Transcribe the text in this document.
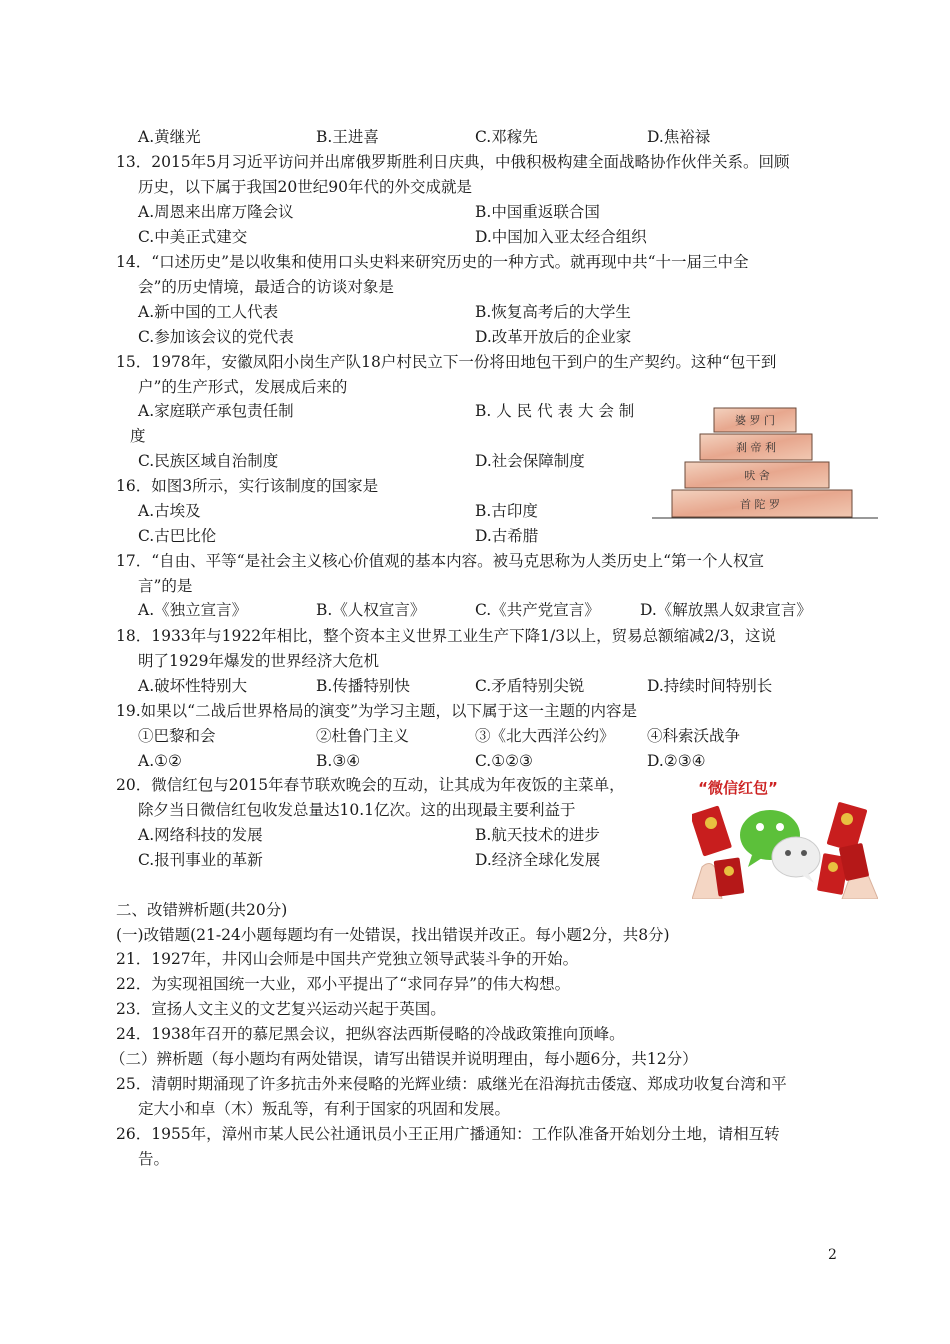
A.黄继光	B.王进喜	C.邓稼先	D.焦裕禄
13．2015年5月习近平访问并出席俄罗斯胜利日庆典，中俄积极构建全面战略协作伙伴关系。回顾
历史，以下属于我国20世纪90年代的外交成就是
A.周恩来出席万隆会议	B.中国重返联合国
C.中美正式建交	D.中国加入亚太经合组织
14．“口述历史”是以收集和使用口头史料来研究历史的一种方式。就再现中共“十一届三中全
会”的历史情境，最适合的访谈对象是
A.新中国的工人代表	B.恢复高考后的大学生
C.参加该会议的党代表	D.改革开放后的企业家
15．1978年，安徽凤阳小岗生产队18户村民立下一份将田地包干到户的生产契约。这种“包干到
户”的生产形式，发展成后来的
A.家庭联产承包责任制	B. 人 民 代 表 大 会 制
度
C.民族区域自治制度	D.社会保障制度
婆 罗 门
刹 帝 利
吠 舍
首 陀 罗
16．如图3所示，实行该制度的国家是
A.古埃及	B.古印度
C.古巴比伦	D.古希腊
17．“自由、平等“是社会主义核心价值观的基本内容。被马克思称为人类历史上“第一个人权宣
言”的是
A.《独立宣言》	B.《人权宣言》	C.《共产党宣言》	D.《解放黑人奴隶宣言》
18．1933年与1922年相比，整个资本主义世界工业生产下降1/3以上，贸易总额缩减2/3，这说
明了1929年爆发的世界经济大危机
A.破坏性特别大	B.传播特别快	C.矛盾特别尖锐	D.持续时间特别长
19.如果以“二战后世界格局的演变”为学习主题，以下属于这一主题的内容是
①巴黎和会	②杜鲁门主义	③《北大西洋公约》 ④科索沃战争
A.①②	B.③④	C.①②③	D.②③④
20．微信红包与2015年春节联欢晚会的互动，让其成为年夜饭的主菜单，
除夕当日微信红包收发总量达10.1亿次。这的出现最主要利益于
A.网络科技的发展	B.航天技术的进步
C.报刊事业的革新	D.经济全球化发展
“微信红包”
二、改错辨析题(共20分)
(一)改错题(21-24小题每题均有一处错误，找出错误并改正。每小题2分，共8分)
21．1927年，井冈山会师是中国共产党独立领导武装斗争的开始。
22．为实现祖国统一大业，邓小平提出了“求同存异”的伟大构想。
23．宣扬人文主义的文艺复兴运动兴起于英国。
24．1938年召开的慕尼黑会议，把纵容法西斯侵略的冷战政策推向顶峰。
（二）辨析题（每小题均有两处错误，请写出错误并说明理由，每小题6分，共12分）
25．清朝时期涌现了许多抗击外来侵略的光辉业绩：戚继光在沿海抗击倭寇、郑成功收复台湾和平
定大小和卓（木）叛乱等，有利于国家的巩固和发展。
26．1955年，漳州市某人民公社通讯员小王正用广播通知：工作队准备开始划分土地，请相互转
告。
2
